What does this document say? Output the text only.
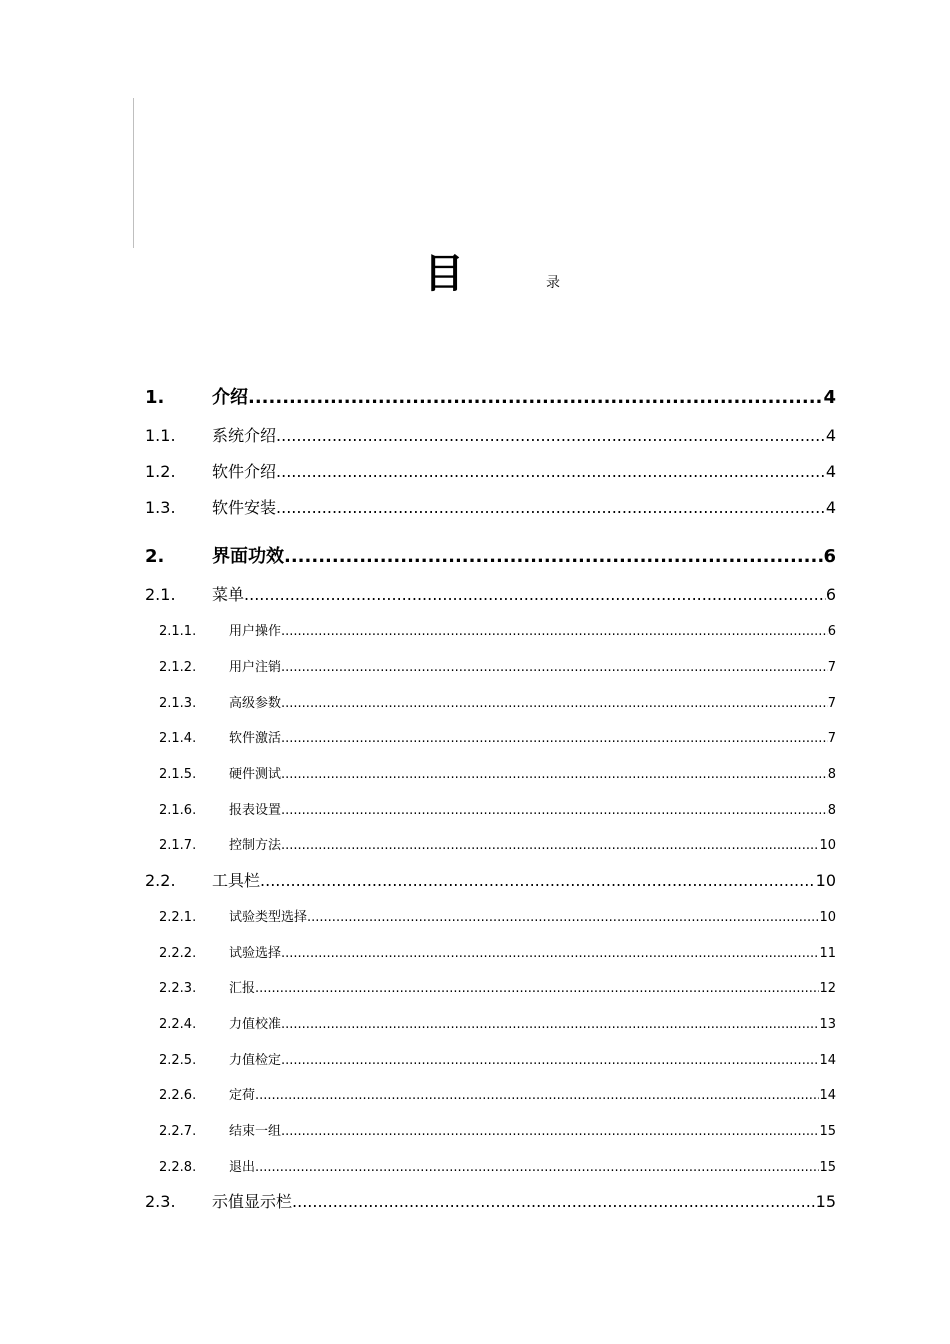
目	录
1.	介绍 .....	4
1.1.	系统介绍 .....	4
1.2.	软件介绍 .....	4
1.3.	软件安装 .....	4
2.	界面功效 .....	6
2.1.	菜单 .....	6
2.1.1.	用户操作 .....	6
2.1.2.	用户注销 .....	7
2.1.3.	高级参数 .....	7
2.1.4.	软件激活 .....	7
2.1.5.	硬件测试 .....	8
2.1.6.	报表设置 .....	8
2.1.7.	控制方法 .....	10
2.2.	工具栏 .....	10
2.2.1.	试验类型选择 .....	10
2.2.2.	试验选择 .....	11
2.2.3.	汇报 .....	12
2.2.4.	力值校准 .....	13
2.2.5.	力值检定 .....	14
2.2.6.	定荷 .....	14
2.2.7.	结束一组 .....	15
2.2.8.	退出 .....	15
2.3.	示值显示栏 .....	15
